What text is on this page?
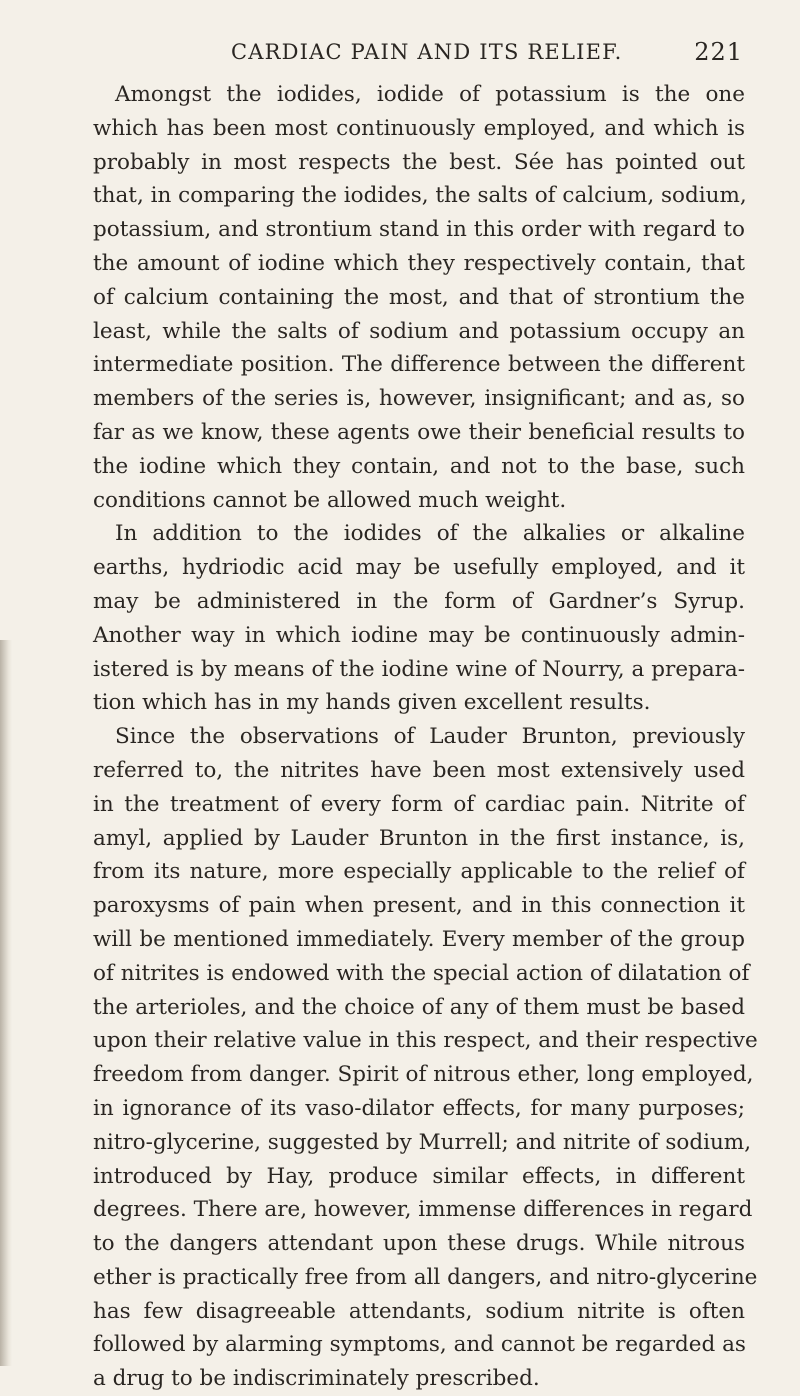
CARDIAC PAIN AND ITS RELIEF.	221
Amongst the iodides, iodide of potassium is the one
which has been most continuously employed, and which is
probably in most respects the best. Sée has pointed out
that, in comparing the iodides, the salts of calcium, sodium,
potassium, and strontium stand in this order with regard to
the amount of iodine which they respectively contain, that
of calcium containing the most, and that of strontium the
least, while the salts of sodium and potassium occupy an
intermediate position. The difference between the different
members of the series is, however, insignificant; and as, so
far as we know, these agents owe their beneficial results to
the iodine which they contain, and not to the base, such
conditions cannot be allowed much weight.
In addition to the iodides of the alkalies or alkaline
earths, hydriodic acid may be usefully employed, and it
may be administered in the form of Gardner’s Syrup.
Another way in which iodine may be continuously admin-
istered is by means of the iodine wine of Nourry, a prepara-
tion which has in my hands given excellent results.
Since the observations of Lauder Brunton, previously
referred to, the nitrites have been most extensively used
in the treatment of every form of cardiac pain. Nitrite of
amyl, applied by Lauder Brunton in the first instance, is,
from its nature, more especially applicable to the relief of
paroxysms of pain when present, and in this connection it
will be mentioned immediately. Every member of the group
of nitrites is endowed with the special action of dilatation of
the arterioles, and the choice of any of them must be based
upon their relative value in this respect, and their respective
freedom from danger. Spirit of nitrous ether, long employed,
in ignorance of its vaso-dilator effects, for many purposes;
nitro-glycerine, suggested by Murrell; and nitrite of sodium,
introduced by Hay, produce similar effects, in different
degrees. There are, however, immense differences in regard
to the dangers attendant upon these drugs. While nitrous
ether is practically free from all dangers, and nitro-glycerine
has few disagreeable attendants, sodium nitrite is often
followed by alarming symptoms, and cannot be regarded as
a drug to be indiscriminately prescribed.
